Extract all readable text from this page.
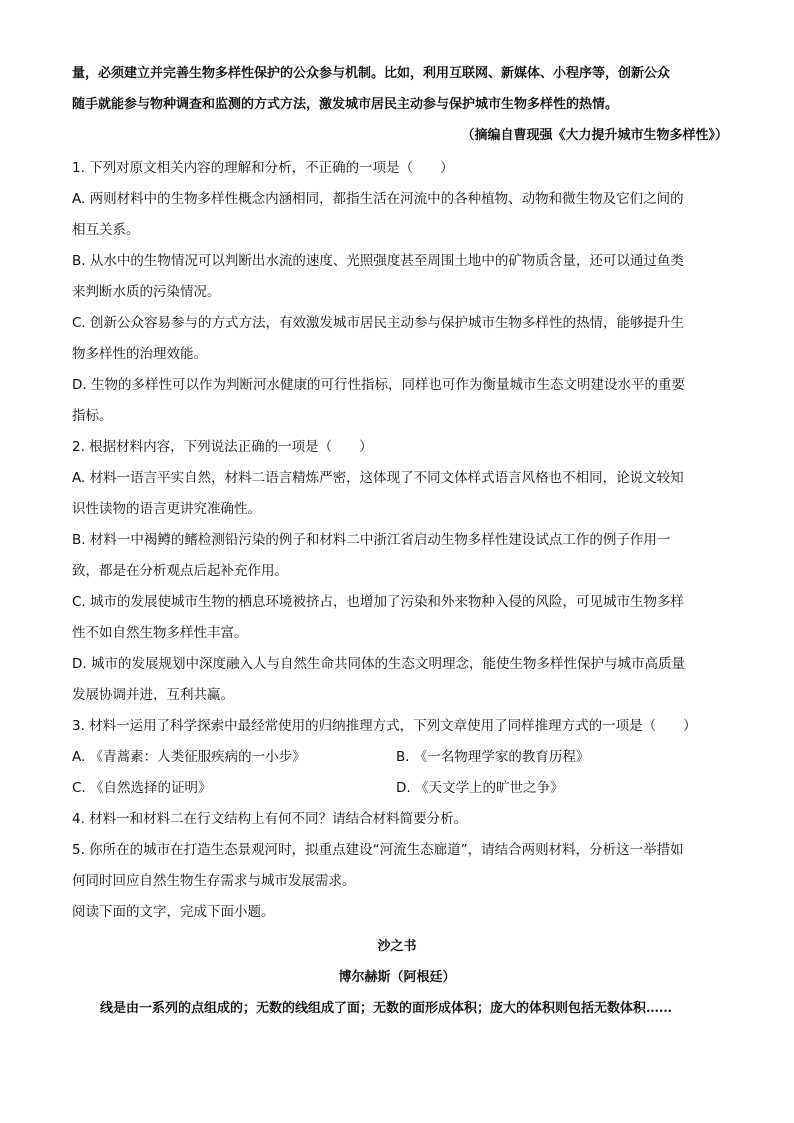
量，必须建立并完善生物多样性保护的公众参与机制。比如，利用互联网、新媒体、小程序等，创新公众
随手就能参与物种调查和监测的方式方法，激发城市居民主动参与保护城市生物多样性的热情。
（摘编自曹现强《大力提升城市生物多样性》）
1. 下列对原文相关内容的理解和分析，不正确的一项是（　　）
A. 两则材料中的生物多样性概念内涵相同，都指生活在河流中的各种植物、动物和微生物及它们之间的
相互关系。
B. 从水中的生物情况可以判断出水流的速度、光照强度甚至周围土地中的矿物质含量，还可以通过鱼类
来判断水质的污染情况。
C. 创新公众容易参与的方式方法，有效激发城市居民主动参与保护城市生物多样性的热情，能够提升生
物多样性的治理效能。
D. 生物的多样性可以作为判断河水健康的可行性指标，同样也可作为衡量城市生态文明建设水平的重要
指标。
2. 根据材料内容，下列说法正确的一项是（　　）
A. 材料一语言平实自然，材料二语言精炼严密，这体现了不同文体样式语言风格也不相同，论说文较知
识性读物的语言更讲究准确性。
B. 材料一中褐鳟的鳍检测铅污染的例子和材料二中浙江省启动生物多样性建设试点工作的例子作用一
致，都是在分析观点后起补充作用。
C. 城市的发展使城市生物的栖息环境被挤占，也增加了污染和外来物种入侵的风险，可见城市生物多样
性不如自然生物多样性丰富。
D. 城市的发展规划中深度融入人与自然生命共同体的生态文明理念，能使生物多样性保护与城市高质量
发展协调并进，互利共赢。
3. 材料一运用了科学探索中最经常使用的归纳推理方式，下列文章使用了同样推理方式的一项是（　　）
A. 《青蒿素：人类征服疾病的一小步》	B. 《一名物理学家的教育历程》
C. 《自然选择的证明》	D. 《天文学上的旷世之争》
4. 材料一和材料二在行文结构上有何不同？请结合材料简要分析。
5. 你所在的城市在打造生态景观河时，拟重点建设“河流生态廊道”，请结合两则材料，分析这一举措如
何同时回应自然生物生存需求与城市发展需求。
阅读下面的文字，完成下面小题。
沙之书
博尔赫斯（阿根廷）
线是由一系列的点组成的；无数的线组成了面；无数的面形成体积；庞大的体积则包括无数体积……
